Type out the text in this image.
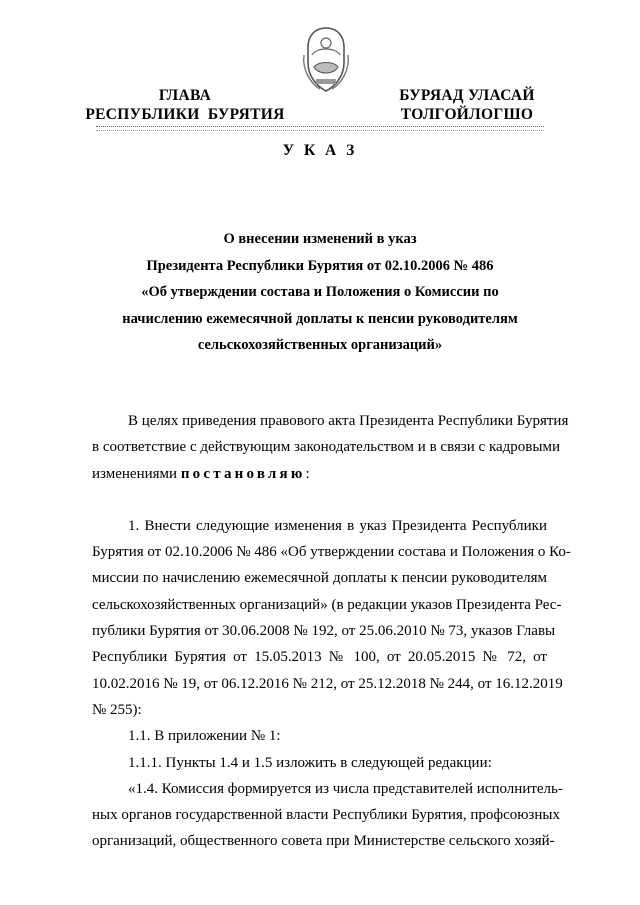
ГЛАВА
РЕСПУБЛИКИ  БУРЯТИЯ
БУРЯАД УЛАСАЙ
ТОЛГОЙЛОГШО
У К А З
О внесении изменений в указ
Президента Республики Бурятия от 02.10.2006 № 486
«Об утверждении состава и Положения о Комиссии по
начислению ежемесячной доплаты к пенсии руководителям
сельскохозяйственных организаций»
В целях приведения правового акта Президента Республики Бурятия
в соответствие с действующим законодательством и в связи с кадровыми
изменениями постановляю:
1. Внести следующие изменения в указ Президента Республики
Бурятия от 02.10.2006 № 486 «Об утверждении состава и Положения о Ко-
миссии по начислению ежемесячной доплаты к пенсии руководителям
сельскохозяйственных организаций» (в редакции указов Президента Рес-
публики Бурятия от 30.06.2008 № 192, от 25.06.2010 № 73, указов Главы
Республики Бурятия от 15.05.2013 № 100, от 20.05.2015 № 72, от
10.02.2016 № 19, от 06.12.2016 № 212, от 25.12.2018 № 244, от 16.12.2019
№ 255):
1.1. В приложении № 1:
1.1.1. Пункты 1.4 и 1.5 изложить в следующей редакции:
«1.4. Комиссия формируется из числа представителей исполнитель-
ных органов государственной власти Республики Бурятия, профсоюзных
организаций, общественного совета при Министерстве сельского хозяй-
